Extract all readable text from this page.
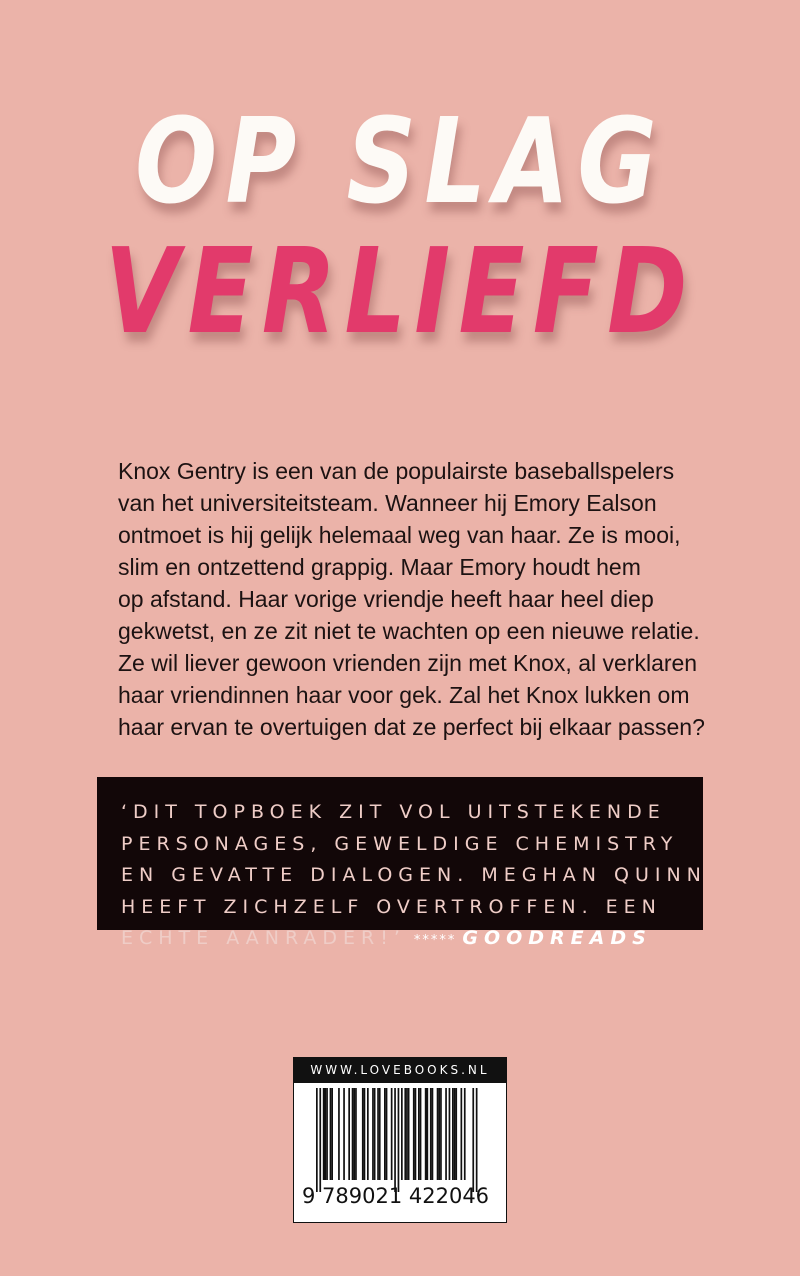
OP SLAG
VERLIEFD
Knox Gentry is een van de populairste baseballspelers
van het universiteitsteam. Wanneer hij Emory Ealson
ontmoet is hij gelijk helemaal weg van haar. Ze is mooi,
slim en ontzettend grappig. Maar Emory houdt hem
op afstand. Haar vorige vriendje heeft haar heel diep
gekwetst, en ze zit niet te wachten op een nieuwe relatie.
Ze wil liever gewoon vrienden zijn met Knox, al verklaren
haar vriendinnen haar voor gek. Zal het Knox lukken om
haar ervan te overtuigen dat ze perfect bij elkaar passen?
‘DIT TOPBOEK ZIT VOL UITSTEKENDE
PERSONAGES, GEWELDIGE CHEMISTRY
EN GEVATTE DIALOGEN. MEGHAN QUINN
HEEFT ZICHZELF OVERTROFFEN. EEN
ECHTE AANRADER!’ ***** GOODREADS
WWW.LOVEBOOKS.NL
9 789021 422046
